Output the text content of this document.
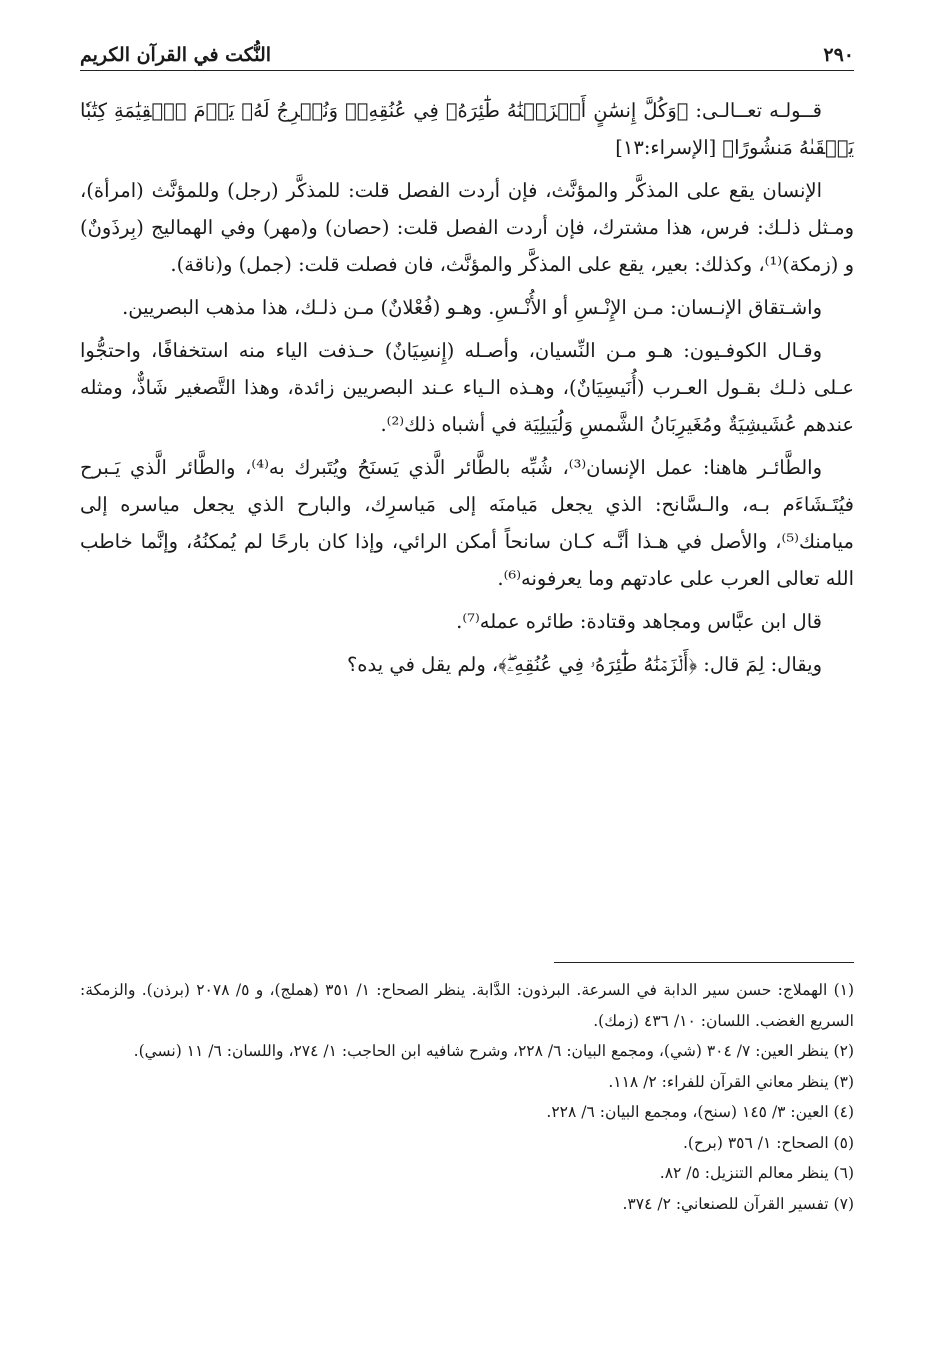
٢٩٠
النُّكت في القرآن الكريم

قــولـه تعــالـى: ﴿وَكُلَّ إِنسَٰنٍ أَلۡزَمۡنَٰهُ طَٰٓئِرَهُۥ فِي عُنُقِهِۦۖ وَنُخۡرِجُ لَهُۥ يَوۡمَ ٱلۡقِيَٰمَةِ كِتَٰبٗا يَلۡقَىٰهُ مَنشُورًا﴾ [الإسراء:١٣]

الإنسان يقع على المذكَّر والمؤنَّث، فإن أردت الفصل قلت: للمذكَّر (رجل) وللمؤنَّث (امرأة)، ومـثل ذلـك: فرس، هذا مشترك، فإن أردت الفصل قلت: (حصان) و(مهر) وفي الهماليج (بِرذَونٌ) و (زمكة)⁽¹⁾، وكذلك: بعير، يقع على المذكَّر والمؤنَّث، فان فصلت قلت: (جمل) و(ناقة).

واشـتقاق الإنـسان: مـن الإِنْـسِ أو الأُنْـسِ. وهـو (فُعْلانٌ) مـن ذلـك، هذا مذهب البصريين.

وقـال الكوفـيون: هـو مـن النِّسيان، وأصـله (إِنسِيَانٌ) حـذفت الياء منه استخفافًا، واحتجُّوا عـلى ذلـك بقـول العـرب (أُنَيسِيَانٌ)، وهـذه الـياء عـند البصريين زائدة، وهذا التَّصغير شَاذٌّ، ومثله عندهم عُشَيشِيَةٌ ومُغَيرِبَانُ الشَّمسِ وَلُيَيلِيَة في أشباه ذلك⁽²⁾.

والطَّائـر هاهنا: عمل الإنسان⁽³⁾، شُبِّه بالطَّائر الَّذي يَسنَحُ ويُتَبرك به⁽⁴⁾، والطَّائر الَّذي يَـبرح فيُتَـشَاءَم بـه، والـسَّانح: الذي يجعل مَيامنَه إلى مَياسرِك، والبارح الذي يجعل مياسره إلى ميامنك⁽⁵⁾، والأصل في هـذا أنَّـه كـان سانحاً أمكن الرائي، وإذا كان بارحًا لم يُمكنُهُ، وإنَّما خاطب الله تعالى العرب على عادتهم وما يعرفونه⁽⁶⁾.

قال ابن عبَّاس ومجاهد وقتادة: طائره عمله⁽⁷⁾.

ويقال: لِمَ قال: ﴿أَلۡزَمۡنَٰهُ طَٰٓئِرَهُۥ فِي عُنُقِهِۦۖ﴾، ولم يقل في يده؟

(١) الهملاج: حسن سير الدابة في السرعة. البرذون: الدَّابة. ينظر الصحاح: ١/ ٣٥١ (هملج)، و ٥/ ٢٠٧٨ (برذن). والزمكة: السريع الغضب. اللسان: ١٠/ ٤٣٦ (زمك).

(٢) ينظر العين: ٧/ ٣٠٤ (شي)، ومجمع البيان: ٦/ ٢٢٨، وشرح شافيه ابن الحاجب: ١/ ٢٧٤، واللسان: ٦/ ١١ (نسي).

(٣) ينظر معاني القرآن للفراء: ٢/ ١١٨.

(٤) العين: ٣/ ١٤٥ (سنح)، ومجمع البيان: ٦/ ٢٢٨.

(٥) الصحاح: ١/ ٣٥٦ (برح).

(٦) ينظر معالم التنزيل: ٥/ ٨٢.

(٧) تفسير القرآن للصنعاني: ٢/ ٣٧٤.
